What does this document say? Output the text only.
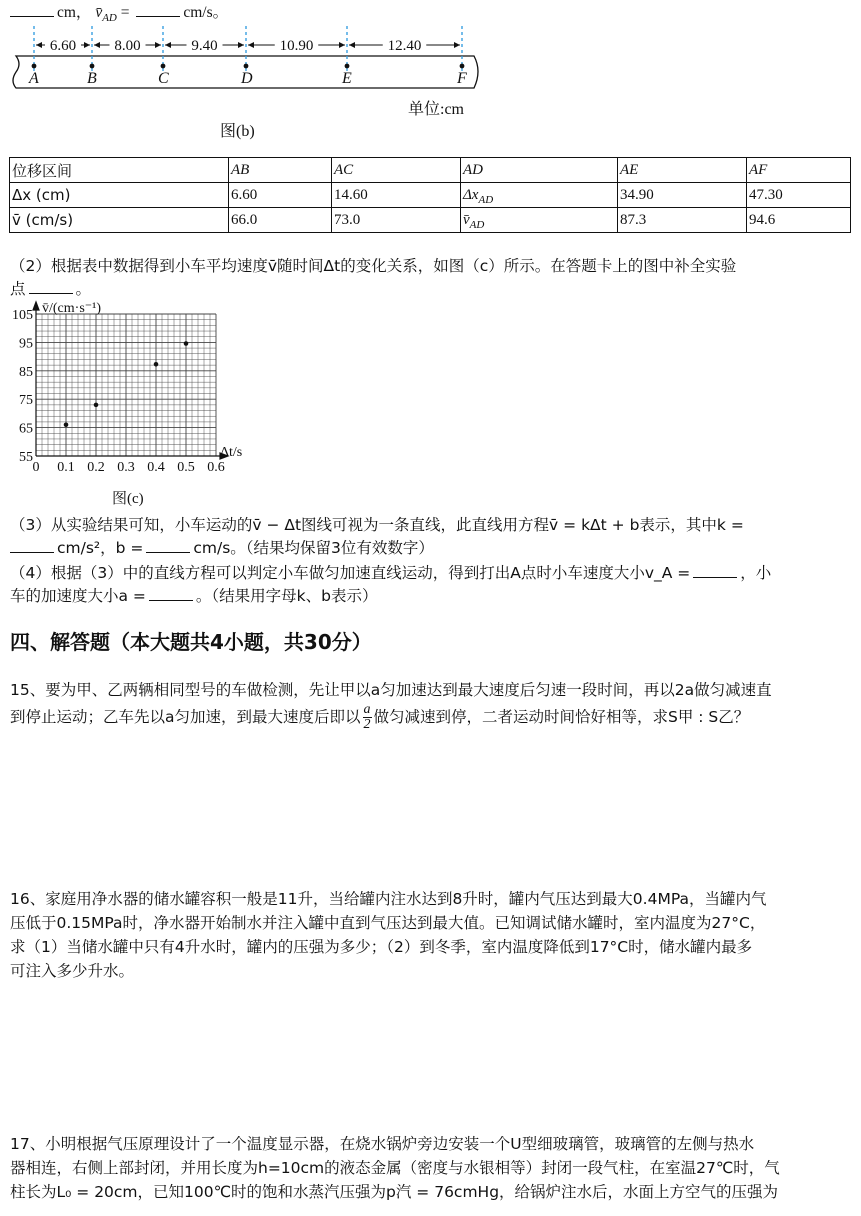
cm， $v̄_{AD}$ =	cm/s。
6.60	8.00	9.40	10.90	12.40
A	B	C	D	E	F
单位:cm
图(b)
位移区间	AB	AC	AD	AE	AF
Δx (cm)	6.60	14.60	$\Delta x_{AD}$	34.90	47.30
v̄ (cm/s)	66.0	73.0	$v̄_{AD}$	87.3	94.6
（2）根据表中数据得到小车平均速度v̄随时间Δt的变化关系，如图（c）所示。在答题卡上的图中补全实验
点	。
0 0.1 0.2 0.3 0.4 0.5 0.6
55
65
75
85
95
105 v̄/(cm·s⁻¹)
Δt/s
图(c)
（3）从实验结果可知，小车运动的v̄ − Δt图线可视为一条直线，此直线用方程v̄ = kΔt + b表示，其中k =
cm/s²，b =	cm/s。（结果均保留3位有效数字）
（4）根据（3）中的直线方程可以判定小车做匀加速直线运动，得到打出A点时小车速度大小v_A =	，小
车的加速度大小a =	。（结果用字母k、b表示）
四、解答题（本大题共4小题，共30分）
15、要为甲、乙两辆相同型号的车做检测，先让甲以a匀加速达到最大速度后匀速一段时间，再以2a做匀减速直
到停止运动；乙车先以a匀加速，到最大速度后即以 $\frac{a}{2}$ 做匀减速到停，二者运动时间恰好相等，求S甲 : S乙？
16、家庭用净水器的储水罐容积一般是11升，当给罐内注水达到8升时，罐内气压达到最大0.4MPa，当罐内气
压低于0.15MPa时，净水器开始制水并注入罐中直到气压达到最大值。已知调试储水罐时，室内温度为27°C，
求（1）当储水罐中只有4升水时，罐内的压强为多少；（2）到冬季，室内温度降低到17°C时，储水罐内最多
可注入多少升水。
17、小明根据气压原理设计了一个温度显示器，在烧水锅炉旁边安装一个U型细玻璃管，玻璃管的左侧与热水
器相连，右侧上部封闭，并用长度为h=10cm的液态金属（密度与水银相等）封闭一段气柱，在室温27℃时，气
柱长为L₀ = 20cm，已知100℃时的饱和水蒸汽压强为p汽 = 76cmHg，给锅炉注水后，水面上方空气的压强为
